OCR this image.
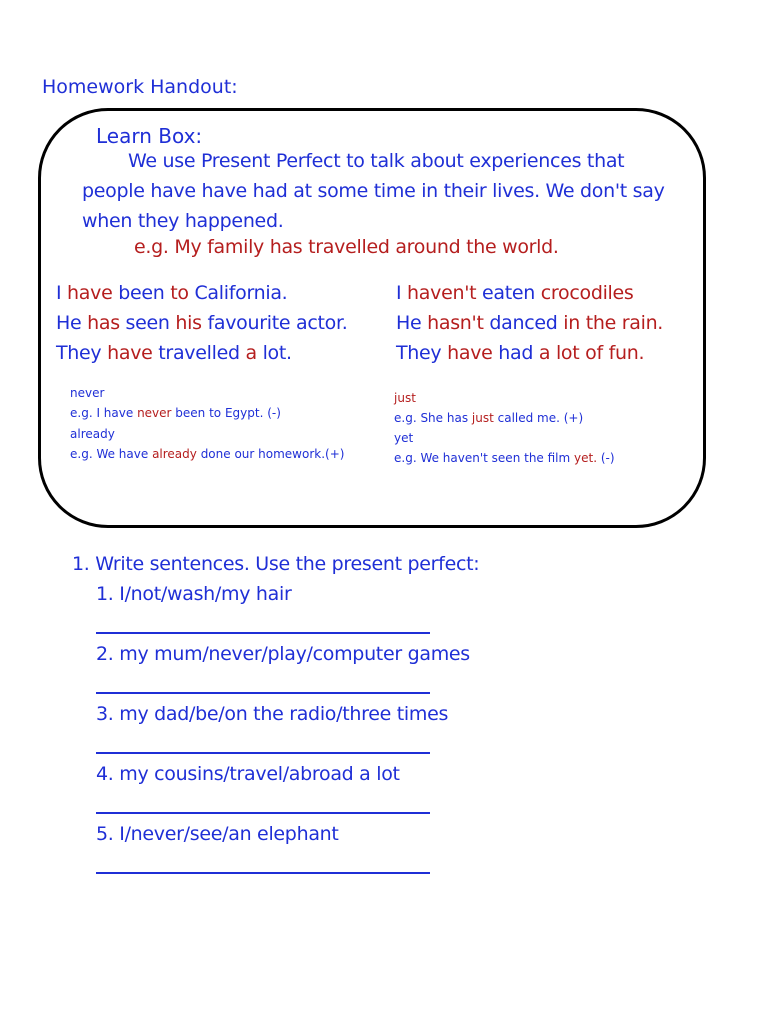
Homework Handout:
Learn Box:
We use Present Perfect to talk about experiences that
people have have had at some time in their lives. We don't say
when they happened.
e.g. My family has travelled around the world.
I have been to California.
He has seen his favourite actor.
They have travelled a lot.
I haven't eaten crocodiles
He hasn't danced in the rain.
They have had a lot of fun.
never
e.g. I have never been to Egypt. (-)
already
e.g. We have already done our homework.(+)
just
e.g. She has just called me. (+)
yet
e.g. We haven't seen the film yet. (-)
1. Write sentences. Use the present perfect:
1. I/not/wash/my hair
2. my mum/never/play/computer games
3. my dad/be/on the radio/three times
4. my cousins/travel/abroad a lot
5. I/never/see/an elephant
